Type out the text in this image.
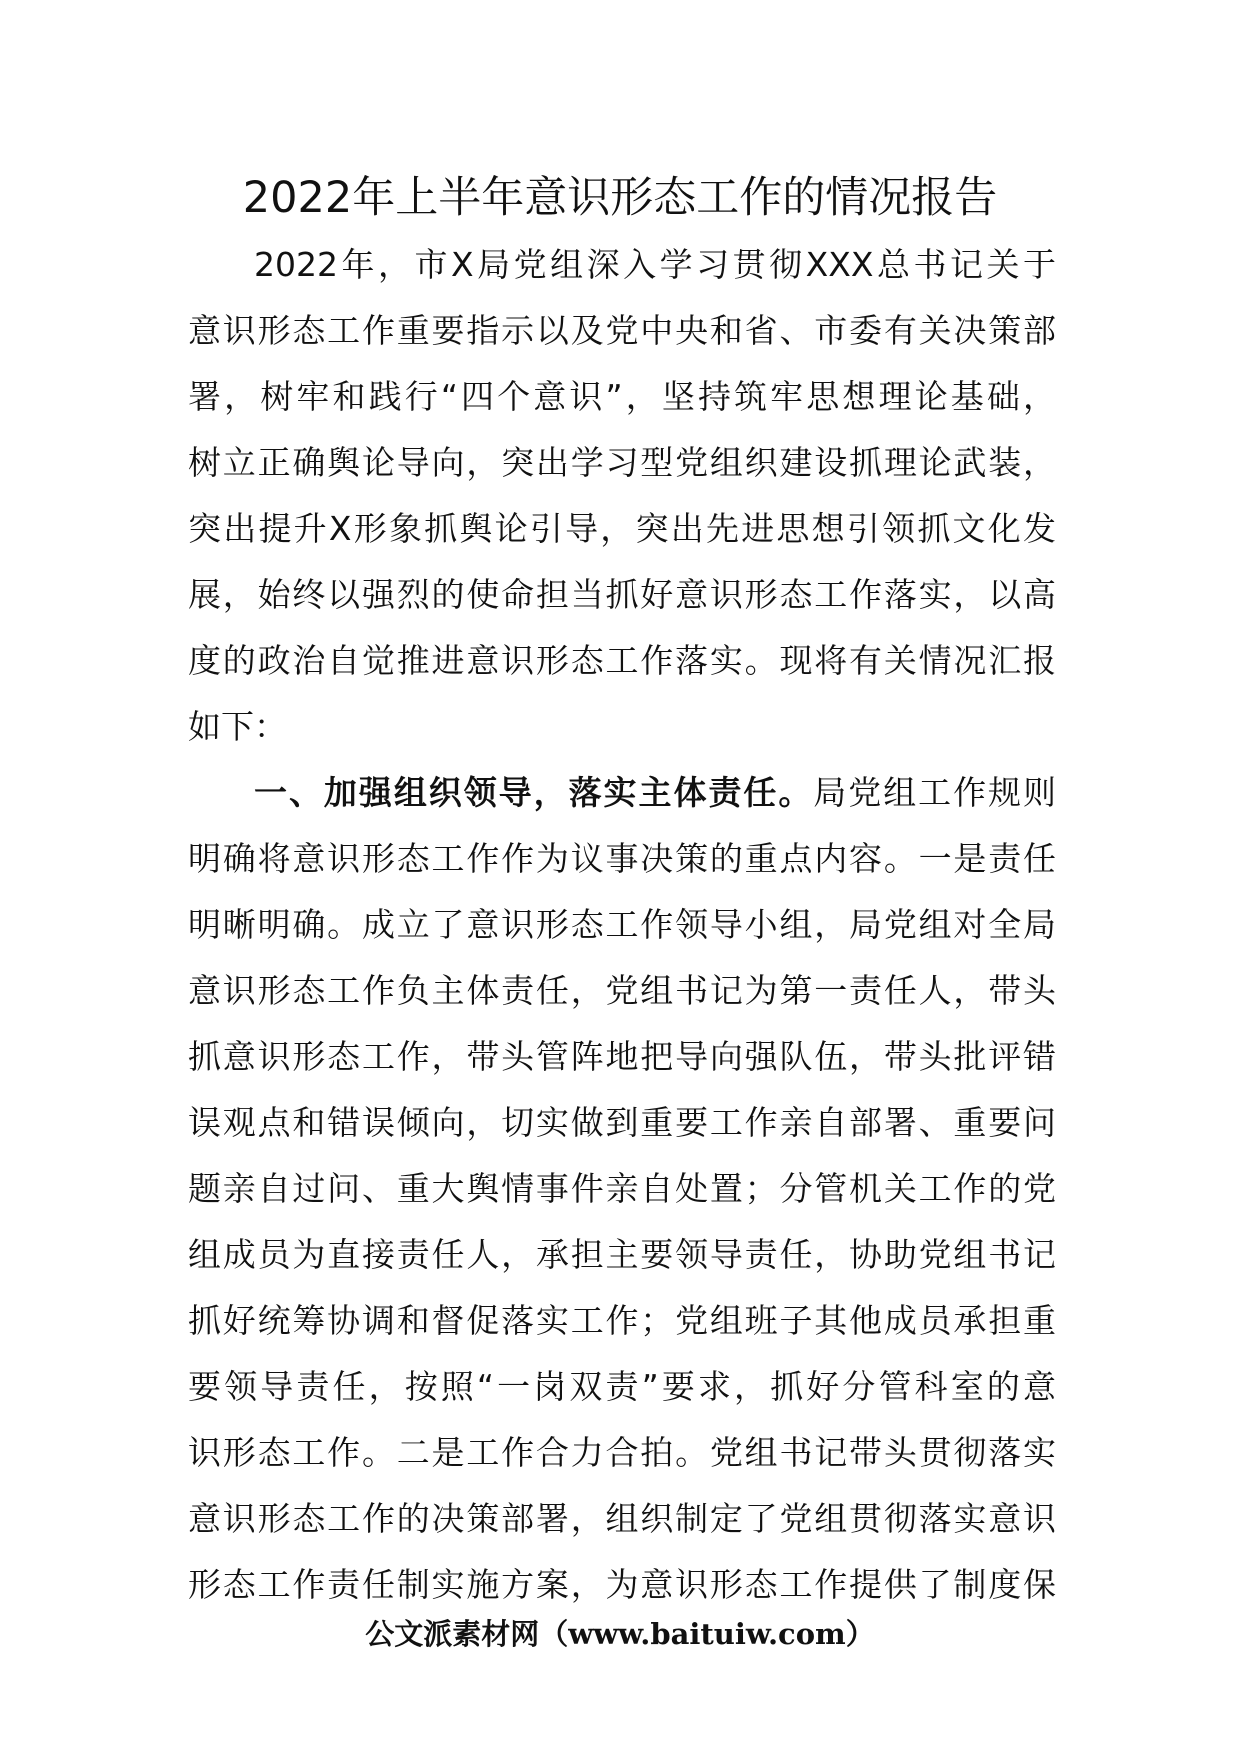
2022年上半年意识形态工作的情况报告
2022年，市X局党组深入学习贯彻XXX总书记关于
意识形态工作重要指示以及党中央和省、市委有关决策部
署，树牢和践行“四个意识”，坚持筑牢思想理论基础，
树立正确舆论导向，突出学习型党组织建设抓理论武装，
突出提升X形象抓舆论引导，突出先进思想引领抓文化发
展，始终以强烈的使命担当抓好意识形态工作落实，以高
度的政治自觉推进意识形态工作落实。现将有关情况汇报
如下：
一、加强组织领导，落实主体责任。局党组工作规则
明确将意识形态工作作为议事决策的重点内容。一是责任
明晰明确。成立了意识形态工作领导小组，局党组对全局
意识形态工作负主体责任，党组书记为第一责任人，带头
抓意识形态工作，带头管阵地把导向强队伍，带头批评错
误观点和错误倾向，切实做到重要工作亲自部署、重要问
题亲自过问、重大舆情事件亲自处置；分管机关工作的党
组成员为直接责任人，承担主要领导责任，协助党组书记
抓好统筹协调和督促落实工作；党组班子其他成员承担重
要领导责任，按照“一岗双责”要求，抓好分管科室的意
识形态工作。二是工作合力合拍。党组书记带头贯彻落实
意识形态工作的决策部署，组织制定了党组贯彻落实意识
形态工作责任制实施方案，为意识形态工作提供了制度保
公文派素材网（www.baituiw.com）
